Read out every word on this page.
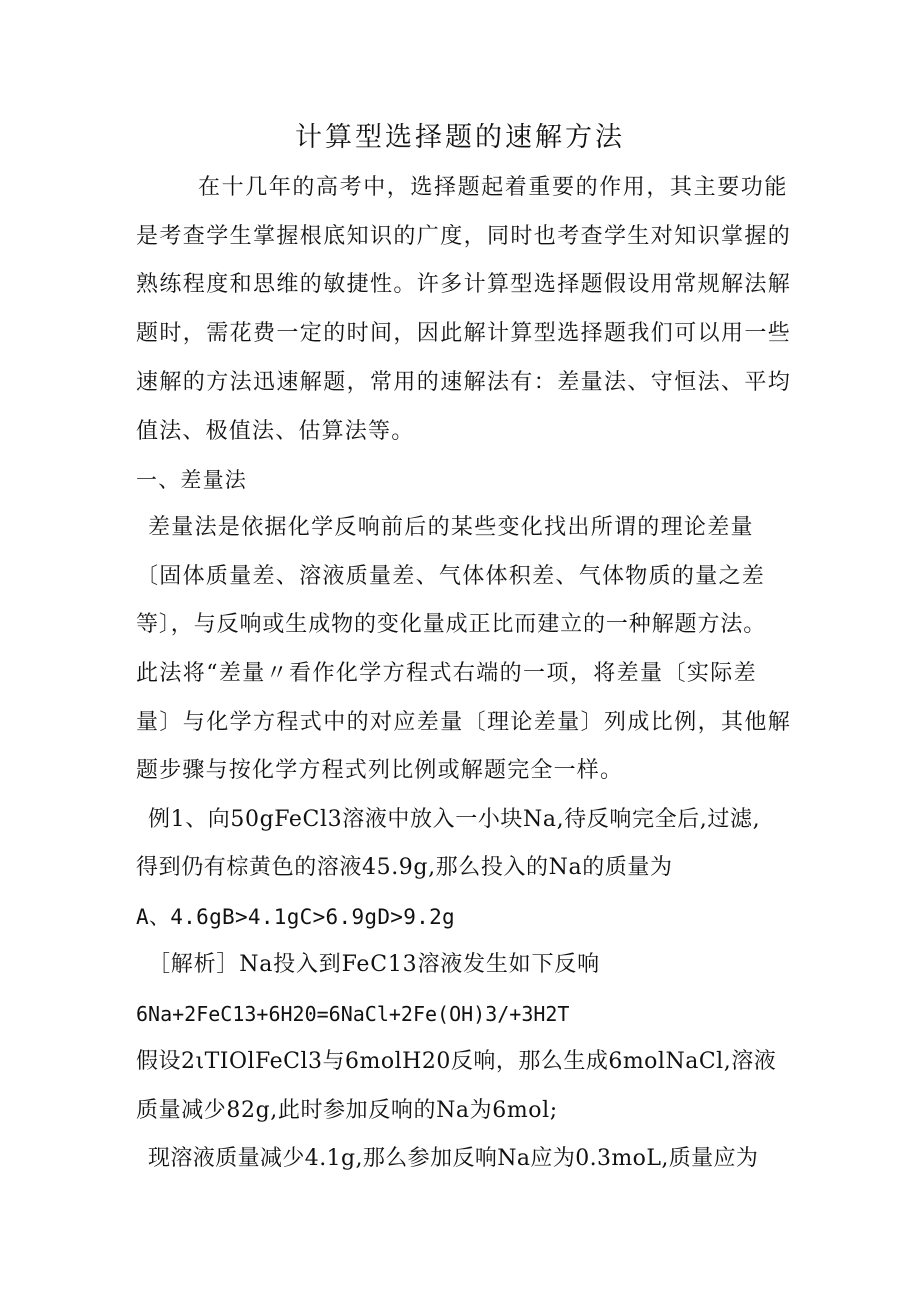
计算型选择题的速解方法
在十几年的高考中，选择题起着重要的作用，其主要功能
是考查学生掌握根底知识的广度，同时也考查学生对知识掌握的
熟练程度和思维的敏捷性。许多计算型选择题假设用常规解法解
题时，需花费一定的时间，因此解计算型选择题我们可以用一些
速解的方法迅速解题，常用的速解法有：差量法、守恒法、平均
值法、极值法、估算法等。
一、差量法
差量法是依据化学反响前后的某些变化找出所谓的理论差量
〔固体质量差、溶液质量差、气体体积差、气体物质的量之差
等〕，与反响或生成物的变化量成正比而建立的一种解题方法。
此法将“差量〃看作化学方程式右端的一项，将差量〔实际差
量〕与化学方程式中的对应差量〔理论差量〕列成比例，其他解
题步骤与按化学方程式列比例或解题完全一样。
例1、向50gFeCl3溶液中放入一小块Na,待反响完全后,过滤,
得到仍有棕黄色的溶液45.9g,那么投入的Na的质量为
A、4.6gB>4.1gC>6.9gD>9.2g
［解析］Na投入到FeC13溶液发生如下反响
6Na+2FeC13+6H20=6NaCl+2Fe(OH)3/+3H2T
假设2ιTIOlFeCl3与6molH20反响，那么生成6molNaCl,溶液
质量减少82g,此时参加反响的Na为6mol;
现溶液质量减少4.1g,那么参加反响Na应为0.3moL,质量应为
